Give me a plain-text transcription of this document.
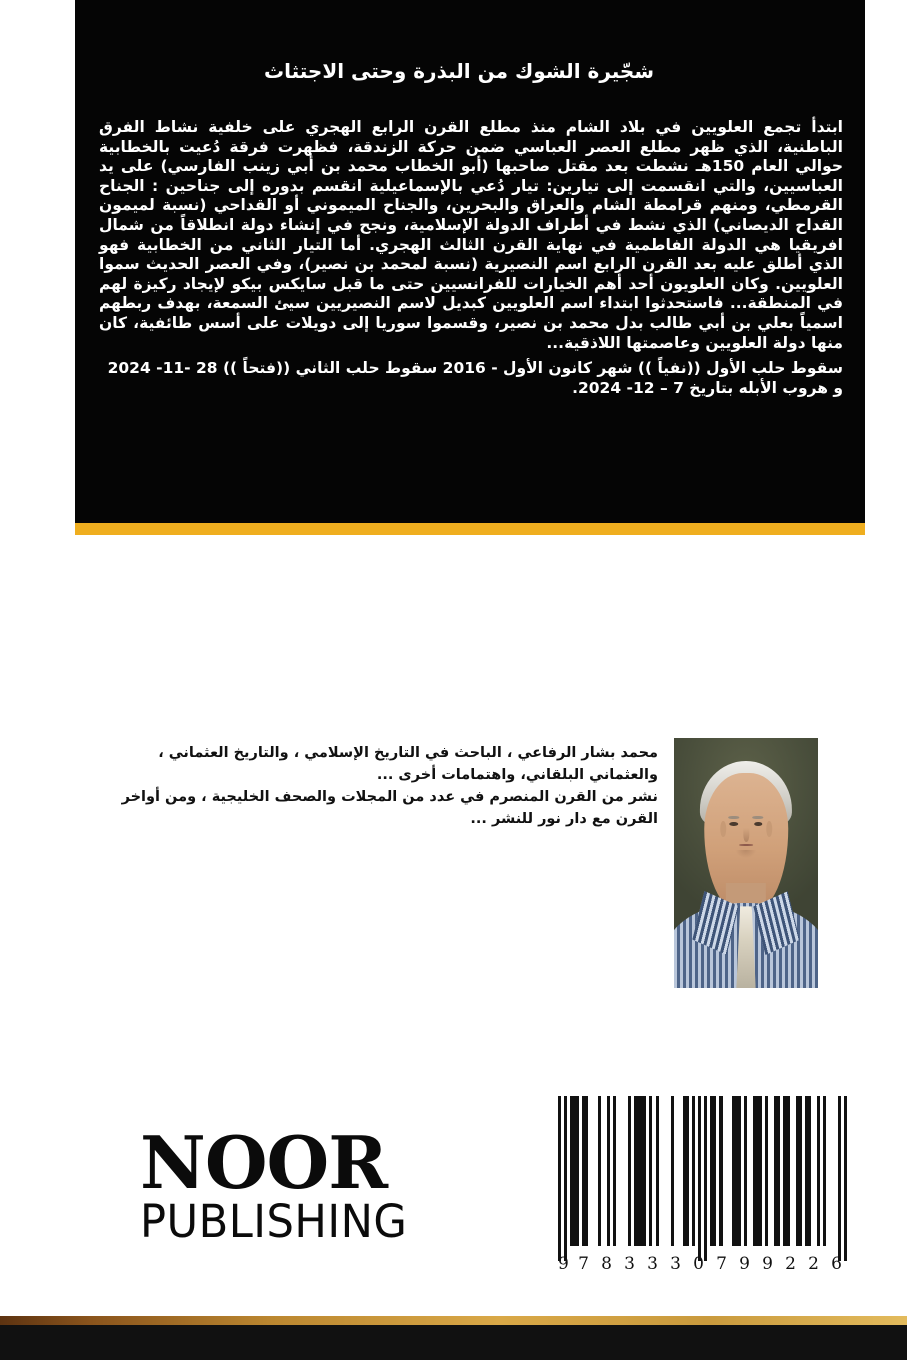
شجّيرة الشوك من البذرة وحتى الاجتثاث

ابتدأ تجمع العلويين في بلاد الشام منذ مطلع القرن الرابع الهجري على خلفية نشاط الفرق الباطنية، الذي ظهر مطلع العصر العباسي ضمن حركة الزندقة، فظهرت فرقة دُعيت بالخطابية حوالي العام 150هـ نشطت بعد مقتل صاحبها (أبو الخطاب محمد بن أبي زينب الفارسي) على يد العباسيين، والتي انقسمت إلى تيارين: تيار دُعي بالإسماعيلية انقسم بدوره إلى جناحين : الجناح القرمطي، ومنهم قرامطة الشام والعراق والبحرين، والجناح الميموني أو القداحي (نسبة لميمون القداح الديصاني) الذي نشط في أطراف الدولة الإسلامية، ونجح في إنشاء دولة انطلاقاً من شمال افريقيا هي الدولة الفاطمية في نهاية القرن الثالث الهجري. أما التيار الثاني من الخطابية فهو الذي أطلق عليه بعد القرن الرابع اسم النصيرية (نسبة لمحمد بن نصير)، وفي العصر الحديث سموا العلويين. وكان العلويون أحد أهم الخيارات للفرانسيين حتى ما قبل سايكس بيكو لإيجاد ركيزة لهم في المنطقة... فاستحدثوا ابتداء اسم العلويين كبديل لاسم النصيريين سيئ السمعة، بهدف ربطهم اسمياً بعلي بن أبي طالب بدل محمد بن نصير، وقسموا سوريا إلى دويلات على أسس طائفية، كان منها دولة العلويين وعاصمتها اللاذقية...

سقوط حلب الأول ((نفياً )) شهر كانون الأول - 2016 سقوط حلب الثاني ((فتحاً )) 28 -11- 2024 و هروب الأبله بتاريخ 7 – 12- 2024.

محمد بشار الرفاعي ، الباحث في التاريخ الإسلامي ، والتاريخ العثماني ، والعثماني البلقاني، واهتمامات أخرى ...

نشر من القرن المنصرم في عدد من المجلات والصحف الخليجية ، ومن أواخر القرن مع دار نور للنشر ...

NOOR
PUBLISHING
9 7 8 3 3 3 0 7 9 9 2 2 6
